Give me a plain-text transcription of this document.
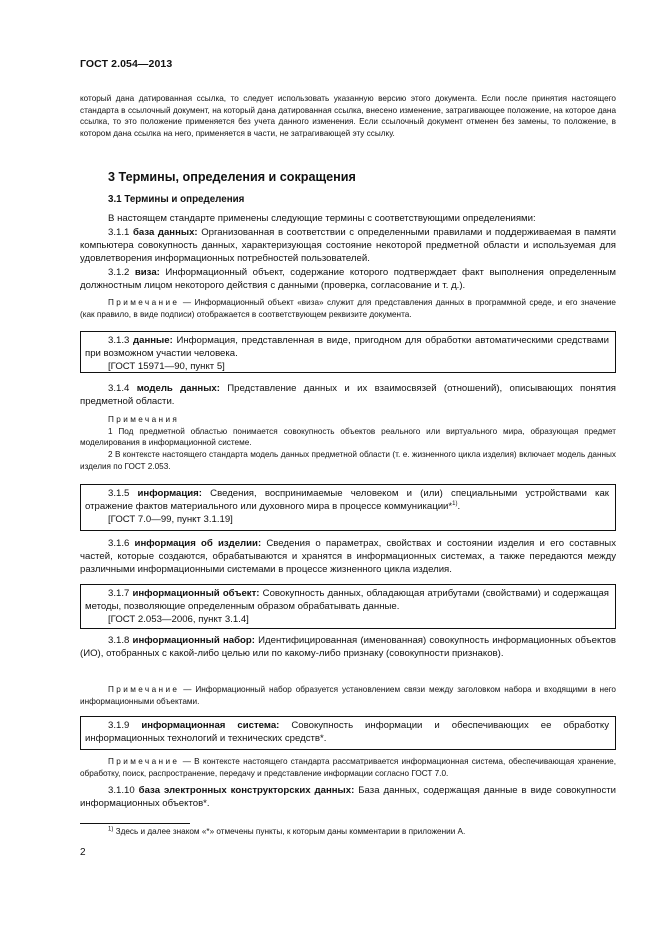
ГОСТ 2.054—2013

который дана датированная ссылка, то следует использовать указанную версию этого документа. Если после принятия настоящего стандарта в ссылочный документ, на который дана датированная ссылка, внесено изменение, затрагивающее положение, на которое дана ссылка, то это положение применяется без учета данного изменения. Если ссылочный документ отменен без замены, то положение, в котором дана ссылка на него, применяется в части, не затрагивающей эту ссылку.

3 Термины, определения и сокращения

3.1 Термины и определения

В настоящем стандарте применены следующие термины с соответствующими определениями:

3.1.1 база данных: Организованная в соответствии с определенными правилами и поддерживаемая в памяти компьютера совокупность данных, характеризующая состояние некоторой предметной области и используемая для удовлетворения информационных потребностей пользователей.

3.1.2 виза: Информационный объект, содержание которого подтверждает факт выполнения определенным должностным лицом некоторого действия с данными (проверка, согласование и т. д.).

Примечание — Информационный объект «виза» служит для представления данных в программной среде, и его значение (как правило, в виде подписи) отображается в соответствующем реквизите документа.

3.1.3 данные: Информация, представленная в виде, пригодном для обработки автоматическими средствами при возможном участии человека.

[ГОСТ 15971—90, пункт 5]

3.1.4 модель данных: Представление данных и их взаимосвязей (отношений), описывающих понятия предметной области.

Примечания

1 Под предметной областью понимается совокупность объектов реального или виртуального мира, образующая предмет моделирования в информационной системе.

2 В контексте настоящего стандарта модель данных предметной области (т. е. жизненного цикла изделия) включает модель данных изделия по ГОСТ 2.053.

3.1.5 информация: Сведения, воспринимаемые человеком и (или) специальными устройствами как отражение фактов материального или духовного мира в процессе коммуникации*$^{1)}$.

[ГОСТ 7.0—99, пункт 3.1.19]

3.1.6 информация об изделии: Сведения о параметрах, свойствах и состоянии изделия и его составных частей, которые создаются, обрабатываются и хранятся в информационных системах, а также передаются между различными информационными системами в процессе жизненного цикла изделия.

3.1.7 информационный объект: Совокупность данных, обладающая атрибутами (свойствами) и содержащая методы, позволяющие определенным образом обрабатывать данные.

[ГОСТ 2.053—2006, пункт 3.1.4]

3.1.8 информационный набор: Идентифицированная (именованная) совокупность информационных объектов (ИО), отобранных с какой-либо целью или по какому-либо признаку (совокупности признаков).

Примечание — Информационный набор образуется установлением связи между заголовком набора и входящими в него информационными объектами.

3.1.9 информационная система: Совокупность информации и обеспечивающих ее обработку информационных технологий и технических средств*.

Примечание — В контексте настоящего стандарта рассматривается информационная система, обеспечивающая хранение, обработку, поиск, распространение, передачу и представление информации согласно ГОСТ 7.0.

3.1.10 база электронных конструкторских данных: База данных, содержащая данные в виде совокупности информационных объектов*.

$^{1)}$ Здесь и далее знаком «*» отмечены пункты, к которым даны комментарии в приложении А.

2
